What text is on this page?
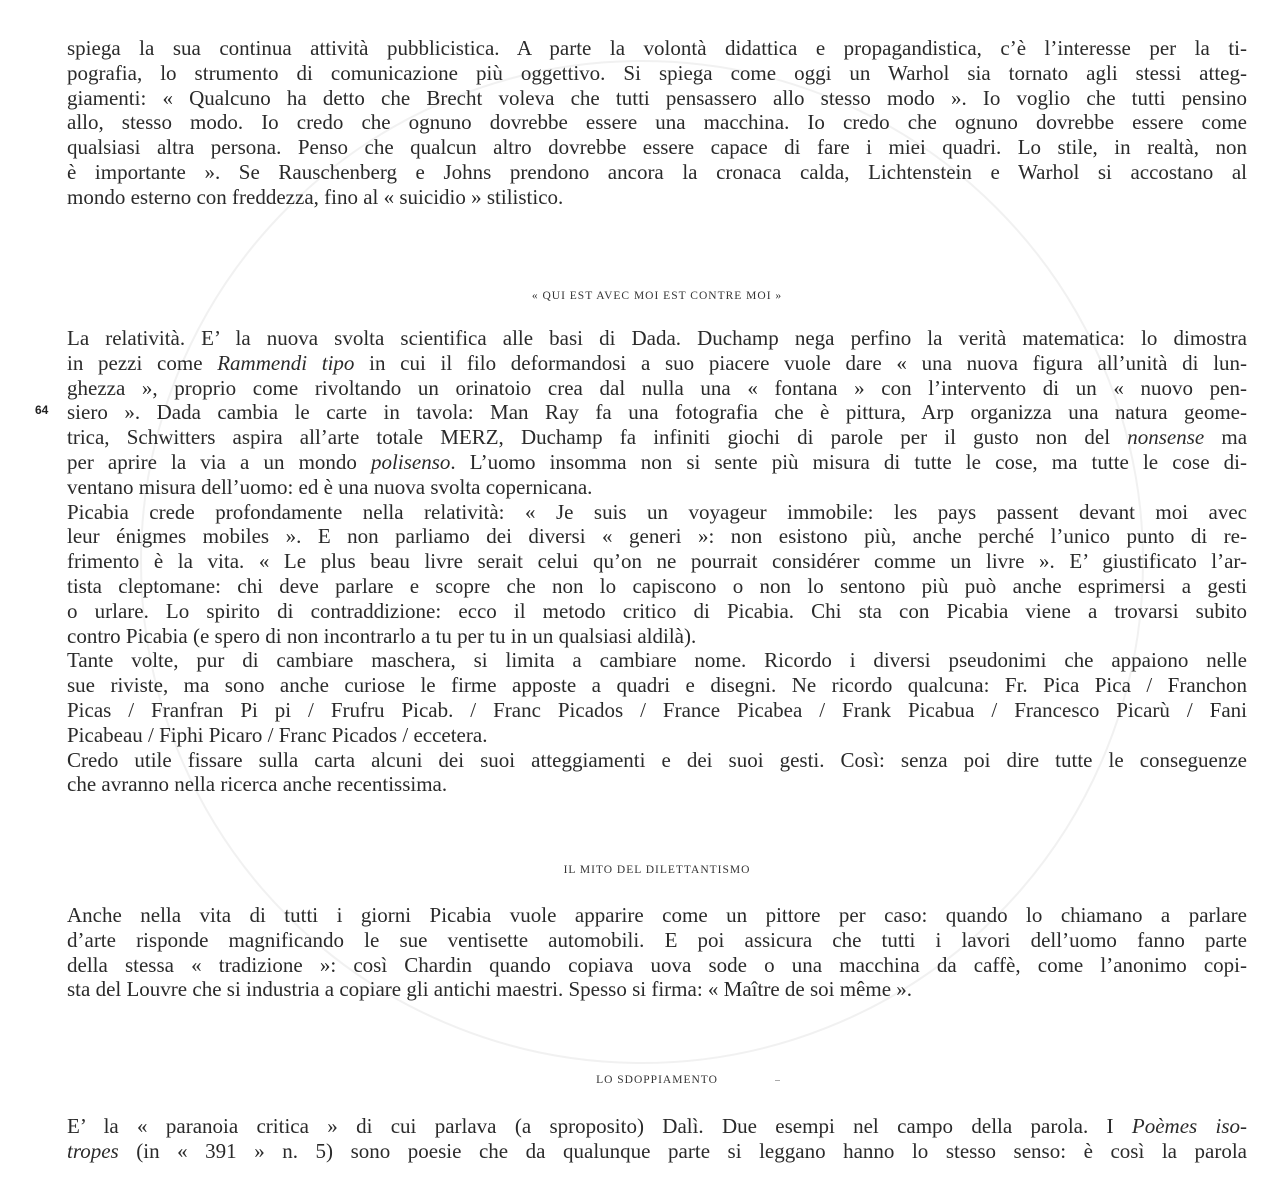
64
spiega la sua continua attività pubblicistica. A parte la volontà didattica e propagandistica, c’è l’interesse per la ti-
pografia, lo strumento di comunicazione più oggettivo. Si spiega come oggi un Warhol sia tornato agli stessi atteg-
giamenti: « Qualcuno ha detto che Brecht voleva che tutti pensassero allo stesso modo ». Io voglio che tutti pensino
allo, stesso modo. Io credo che ognuno dovrebbe essere una macchina. Io credo che ognuno dovrebbe essere come
qualsiasi altra persona. Penso che qualcun altro dovrebbe essere capace di fare i miei quadri. Lo stile, in realtà, non
è importante ». Se Rauschenberg e Johns prendono ancora la cronaca calda, Lichtenstein e Warhol si accostano al
mondo esterno con freddezza, fino al « suicidio » stilistico.
« QUI EST AVEC MOI EST CONTRE MOI »
La relatività. E’ la nuova svolta scientifica alle basi di Dada. Duchamp nega perfino la verità matematica: lo dimostra
in pezzi come Rammendi tipo in cui il filo deformandosi a suo piacere vuole dare « una nuova figura all’unità di lun-
ghezza », proprio come rivoltando un orinatoio crea dal nulla una « fontana » con l’intervento di un « nuovo pen-
siero ». Dada cambia le carte in tavola: Man Ray fa una fotografia che è pittura, Arp organizza una natura geome-
trica, Schwitters aspira all’arte totale MERZ, Duchamp fa infiniti giochi di parole per il gusto non del nonsense ma
per aprire la via a un mondo polisenso. L’uomo insomma non si sente più misura di tutte le cose, ma tutte le cose di-
ventano misura dell’uomo: ed è una nuova svolta copernicana.
Picabia crede profondamente nella relatività: « Je suis un voyageur immobile: les pays passent devant moi avec
leur énigmes mobiles ». E non parliamo dei diversi « generi »: non esistono più, anche perché l’unico punto di re-
frimento è la vita. « Le plus beau livre serait celui qu’on ne pourrait considérer comme un livre ». E’ giustificato l’ar-
tista cleptomane: chi deve parlare e scopre che non lo capiscono o non lo sentono più può anche esprimersi a gesti
o urlare. Lo spirito di contraddizione: ecco il metodo critico di Picabia. Chi sta con Picabia viene a trovarsi subito
contro Picabia (e spero di non incontrarlo a tu per tu in un qualsiasi aldilà).
Tante volte, pur di cambiare maschera, si limita a cambiare nome. Ricordo i diversi pseudonimi che appaiono nelle
sue riviste, ma sono anche curiose le firme apposte a quadri e disegni. Ne ricordo qualcuna: Fr. Pica Pica / Franchon
Picas / Franfran Pi pi / Frufru Picab. / Franc Picados / France Picabea / Frank Picabua / Francesco Picarù / Fani
Picabeau / Fiphi Picaro / Franc Picados / eccetera.
Credo utile fissare sulla carta alcuni dei suoi atteggiamenti e dei suoi gesti. Così: senza poi dire tutte le conseguenze
che avranno nella ricerca anche recentissima.
IL MITO DEL DILETTANTISMO
Anche nella vita di tutti i giorni Picabia vuole apparire come un pittore per caso: quando lo chiamano a parlare
d’arte risponde magnificando le sue ventisette automobili. E poi assicura che tutti i lavori dell’uomo fanno parte
della stessa « tradizione »: così Chardin quando copiava uova sode o una macchina da caffè, come l’anonimo copi-
sta del Louvre che si industria a copiare gli antichi maestri. Spesso si firma: « Maître de soi même ».
LO SDOPPIAMENTO
E’ la « paranoia critica » di cui parlava (a sproposito) Dalì. Due esempi nel campo della parola. I Poèmes iso-
tropes (in « 391 » n. 5) sono poesie che da qualunque parte si leggano hanno lo stesso senso: è così la parola
